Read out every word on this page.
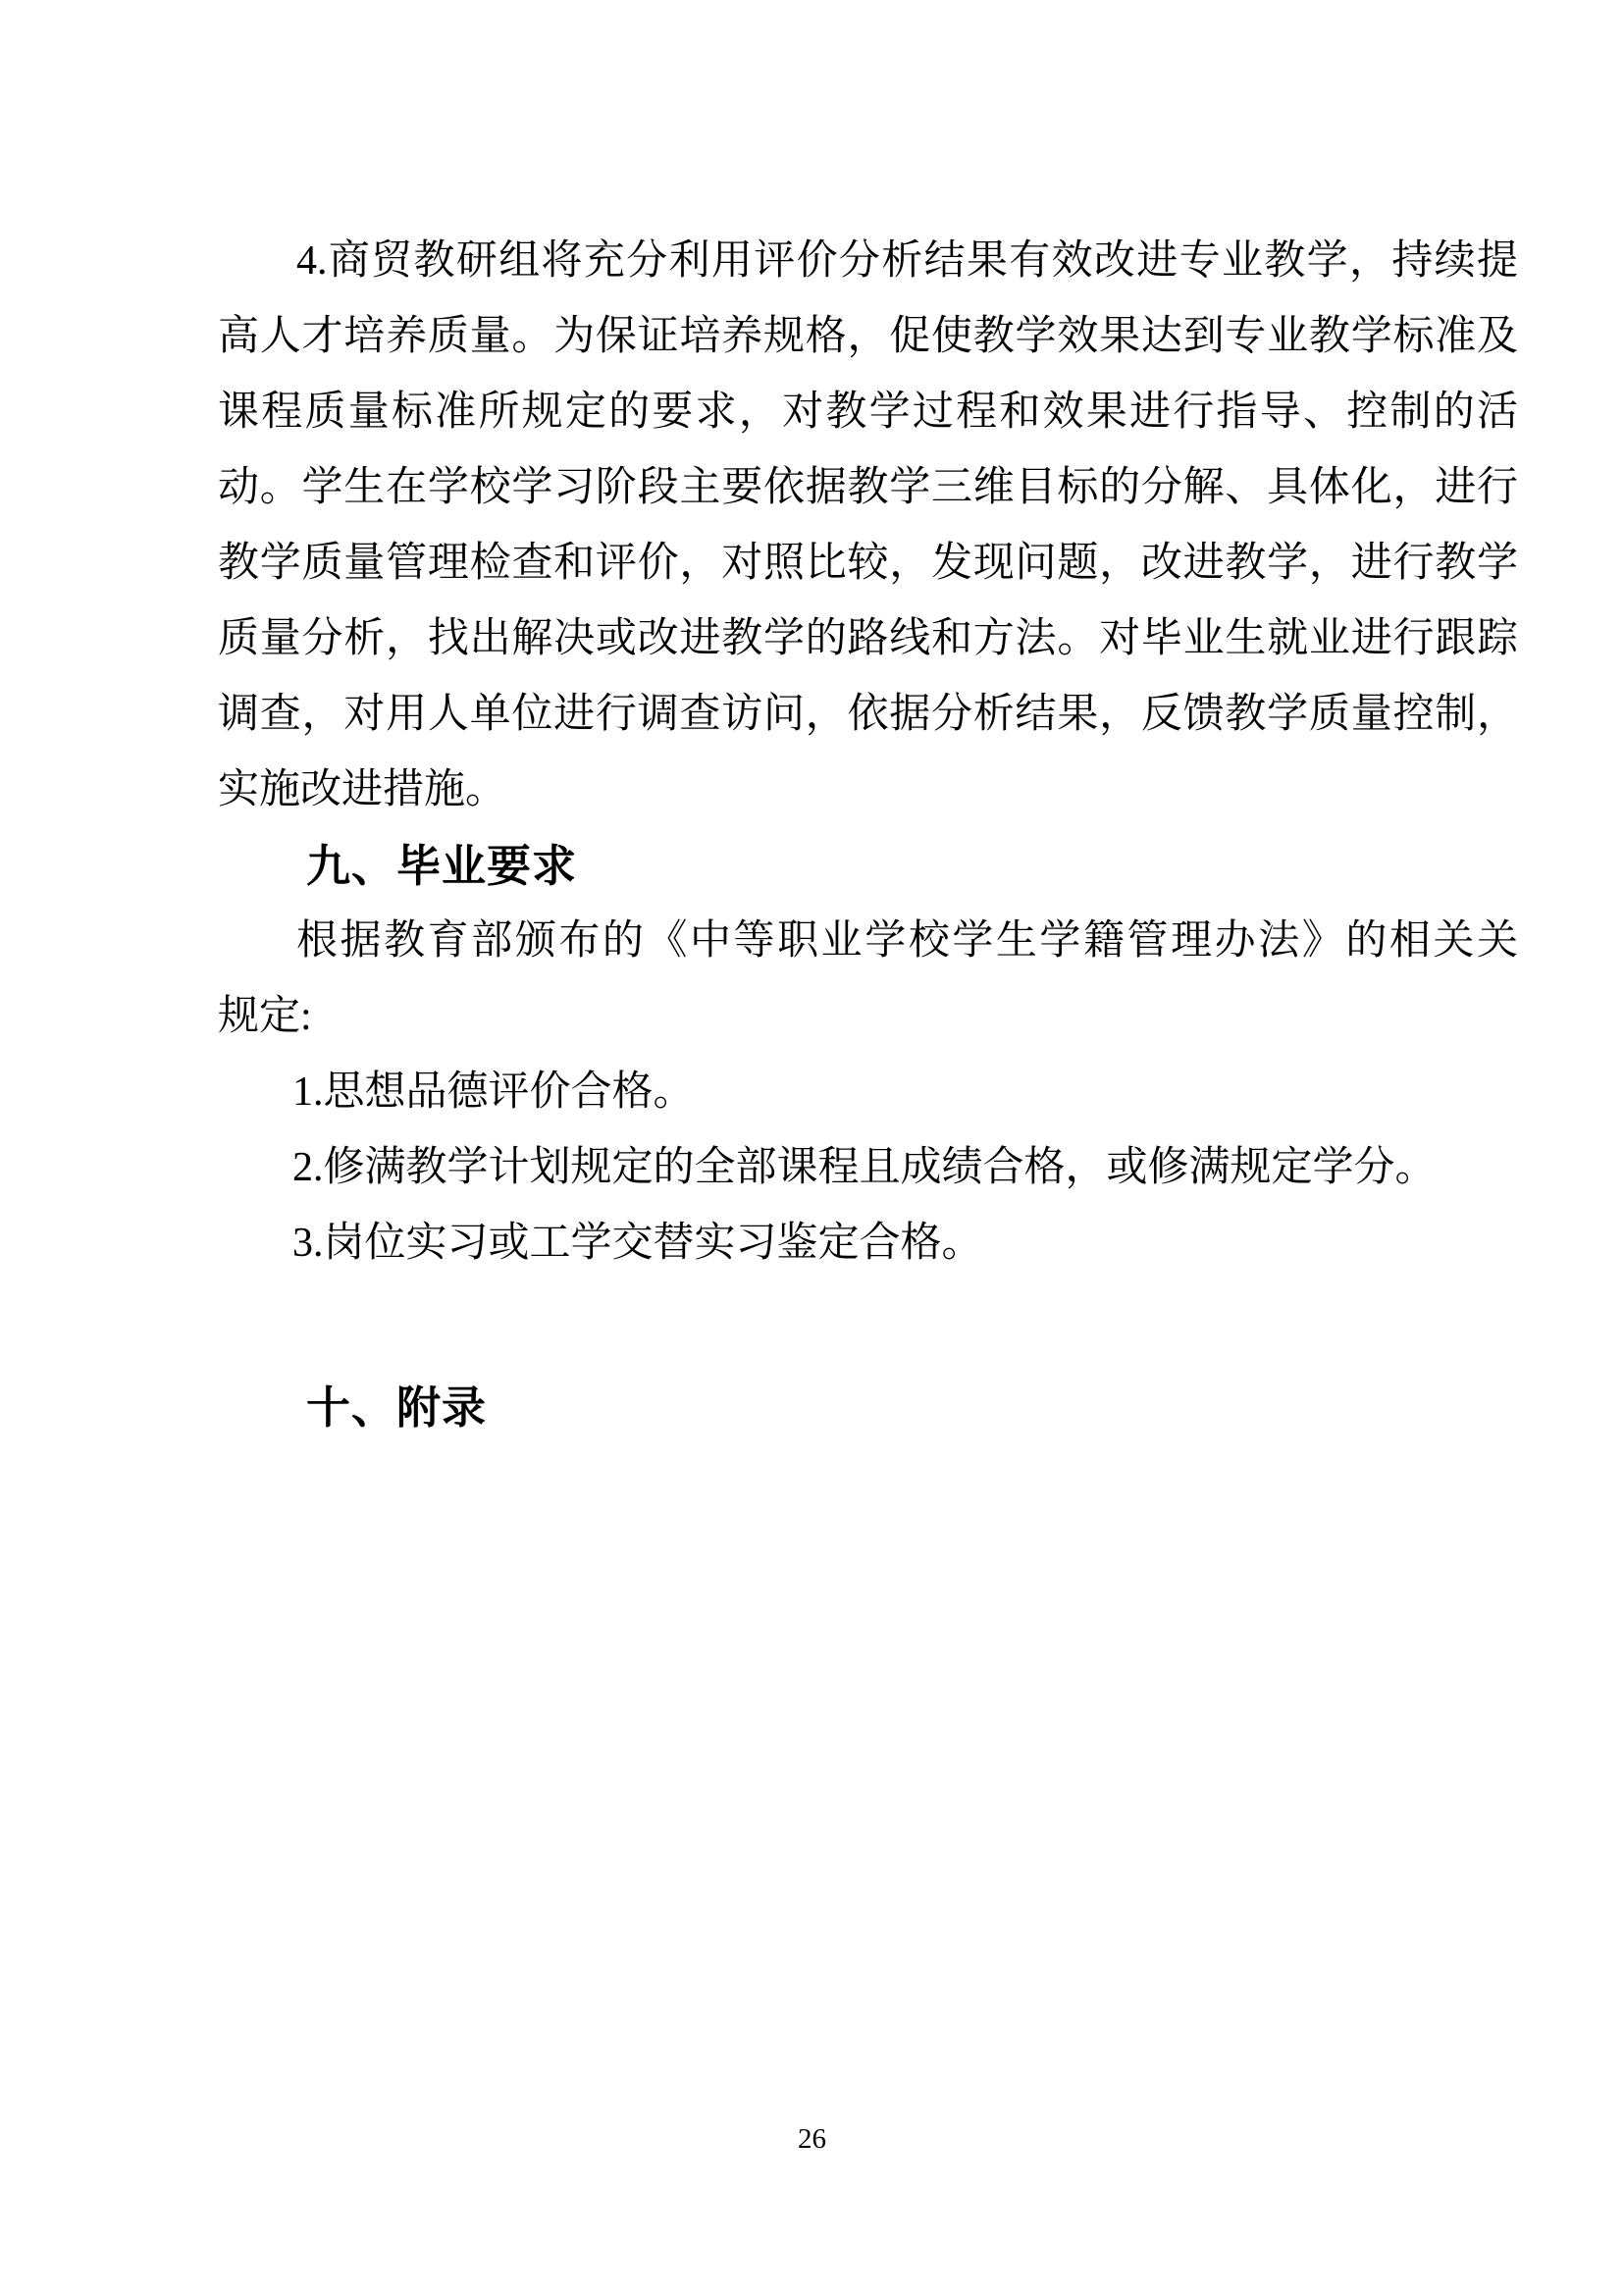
4.商贸教研组将充分利用评价分析结果有效改进专业教学，持续提
高人才培养质量。为保证培养规格，促使教学效果达到专业教学标准及
课程质量标准所规定的要求，对教学过程和效果进行指导、控制的活
动。学生在学校学习阶段主要依据教学三维目标的分解、具体化，进行
教学质量管理检查和评价，对照比较，发现问题，改进教学，进行教学
质量分析，找出解决或改进教学的路线和方法。对毕业生就业进行跟踪
调查，对用人单位进行调查访问，依据分析结果，反馈教学质量控制，
实施改进措施。
九、毕业要求
根据教育部颁布的《中等职业学校学生学籍管理办法》的相关关
规定:
1.思想品德评价合格。
2.修满教学计划规定的全部课程且成绩合格，或修满规定学分。
3.岗位实习或工学交替实习鉴定合格。
十、附录
26
